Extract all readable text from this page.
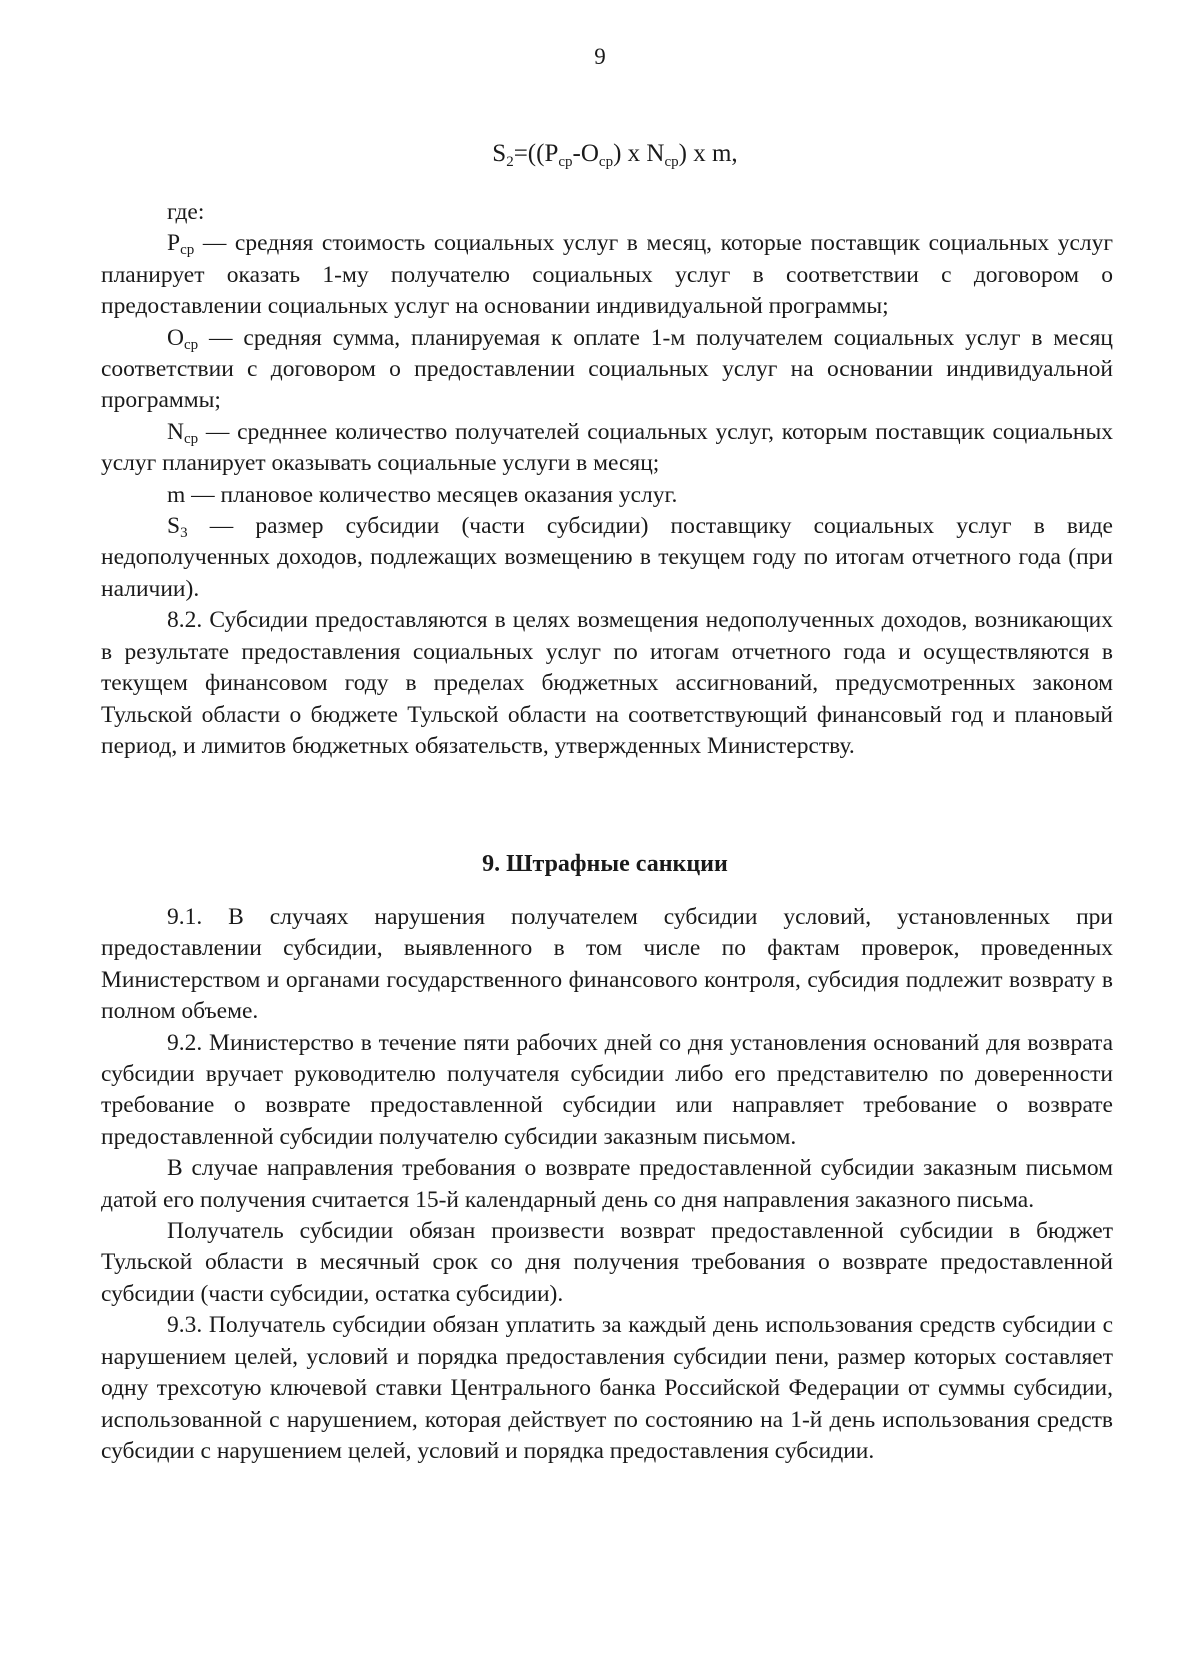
9
$S_2=((P_{ср}-О_{ср})$ х $N_{ср}$) х m,

где:

$P_{ср}$ — средняя стоимость социальных услуг в месяц, которые поставщик социальных услуг планирует оказать 1-му получателю социальных услуг в соответствии с договором о предоставлении социальных услуг на основании индивидуальной программы;

$О_{ср}$ — средняя сумма, планируемая к оплате 1-м получателем социальных услуг в месяц соответствии с договором о предоставлении социальных услуг на основании индивидуальной программы;

$N_{ср}$ — средннее количество получателей социальных услуг, которым поставщик социальных услуг планирует оказывать социальные услуги в месяц;

m — плановое количество месяцев оказания услуг.

$S_3$ — размер субсидии (части субсидии) поставщику социальных услуг в виде недополученных доходов, подлежащих возмещению в текущем году по итогам отчетного года (при наличии).

8.2. Субсидии предоставляются в целях возмещения недополученных доходов, возникающих в результате предоставления социальных услуг по итогам отчетного года и осуществляются в текущем финансовом году в пределах бюджетных ассигнований, предусмотренных законом Тульской области о бюджете Тульской области на соответствующий финансовый год и плановый период, и лимитов бюджетных обязательств, утвержденных Министерству.

9. Штрафные санкции

9.1. В случаях нарушения получателем субсидии условий, установленных при предоставлении субсидии, выявленного в том числе по фактам проверок, проведенных Министерством и органами государственного финансового контроля, субсидия подлежит возврату в полном объеме.

9.2. Министерство в течение пяти рабочих дней со дня установления оснований для возврата субсидии вручает руководителю получателя субсидии либо его представителю по доверенности требование о возврате предоставленной субсидии или направляет требование о возврате предоставленной субсидии получателю субсидии заказным письмом.

В случае направления требования о возврате предоставленной субсидии заказным письмом датой его получения считается 15-й календарный день со дня направления заказного письма.

Получатель субсидии обязан произвести возврат предоставленной субсидии в бюджет Тульской области в месячный срок со дня получения требования о возврате предоставленной субсидии (части субсидии, остатка субсидии).

9.3. Получатель субсидии обязан уплатить за каждый день использования средств субсидии с нарушением целей, условий и порядка предоставления субсидии пени, размер которых составляет одну трехсотую ключевой ставки Центрального банка Российской Федерации от суммы субсидии, использованной с нарушением, которая действует по состоянию на 1-й день использования средств субсидии с нарушением целей, условий и порядка предоставления субсидии.
